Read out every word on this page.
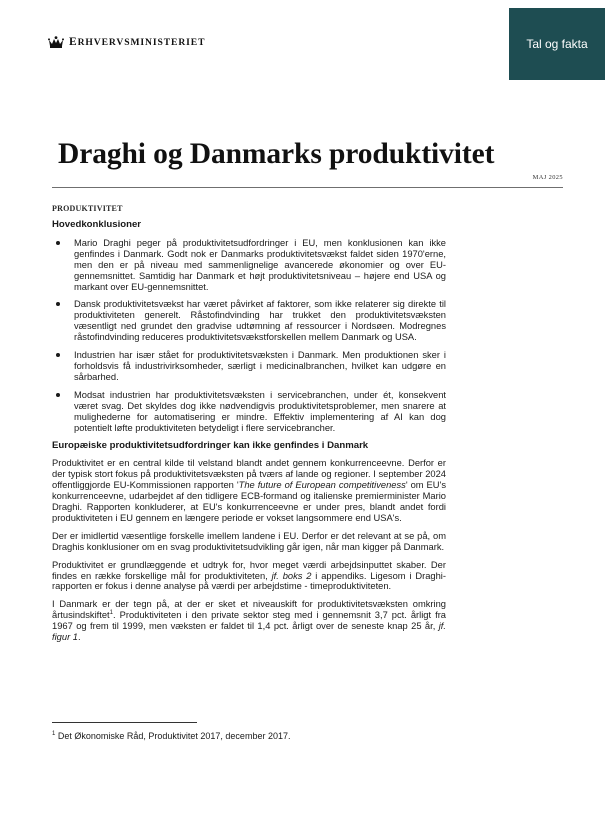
ERHVERVSMINISTERIET	Tal og fakta
Draghi og Danmarks produktivitet
MAJ 2025
PRODUKTIVITET
Hovedkonklusioner
Mario Draghi peger på produktivitetsudfordringer i EU, men konklusionen kan ikke genfindes i Danmark. Godt nok er Danmarks produktivitetsvækst faldet siden 1970'erne, men den er på niveau med sammenlignelige avancerede økonomier og over EU-gennemsnittet. Samtidig har Danmark et højt produktivitetsniveau – højere end USA og markant over EU-gennemsnittet.
Dansk produktivitetsvækst har været påvirket af faktorer, som ikke relaterer sig direkte til produktiviteten generelt. Råstofindvinding har trukket den produktivitetsvæksten væsentligt ned grundet den gradvise udtømning af ressourcer i Nordsøen. Modregnes råstofindvinding reduceres produktivitetsvækstforskellen mellem Danmark og USA.
Industrien har især stået for produktivitetsvæksten i Danmark. Men produktionen sker i forholdsvis få industrivirksomheder, særligt i medicinalbranchen, hvilket kan udgøre en sårbarhed.
Modsat industrien har produktivitetsvæksten i servicebranchen, under ét, konsekvent været svag. Det skyldes dog ikke nødvendigvis produktivitetsproblemer, men snarere at mulighederne for automatisering er mindre. Effektiv implementering af AI kan dog potentielt løfte produktiviteten betydeligt i flere servicebrancher.
Europæiske produktivitetsudfordringer kan ikke genfindes i Danmark

Produktivitet er en central kilde til velstand blandt andet gennem konkurrenceevne. Derfor er der typisk stort fokus på produktivitetsvæksten på tværs af lande og regioner. I september 2024 offentliggjorde EU-Kommissionen rapporten 'The future of European competitiveness' om EU's konkurrenceevne, udarbejdet af den tidligere ECB-formand og italienske premierminister Mario Draghi. Rapporten konkluderer, at EU's konkurrenceevne er under pres, blandt andet fordi produktiviteten i EU gennem en længere periode er vokset langsommere end USA's.

Der er imidlertid væsentlige forskelle imellem landene i EU. Derfor er det relevant at se på, om Draghis konklusioner om en svag produktivitetsudvikling går igen, når man kigger på Danmark.

Produktivitet er grundlæggende et udtryk for, hvor meget værdi arbejdsinputtet skaber. Der findes en række forskellige mål for produktiviteten, jf. boks 2 i appendiks. Ligesom i Draghi-rapporten er fokus i denne analyse på værdi per arbejdstime - timeproduktiviteten.

I Danmark er der tegn på, at der er sket et niveauskift for produktivitetsvæksten omkring årtusindskiftet$^1$. Produktiviteten i den private sektor steg med i gennemsnit 3,7 pct. årligt fra 1967 og frem til 1999, men væksten er faldet til 1,4 pct. årligt over de seneste knap 25 år, jf. figur 1.

$^1$ Det Økonomiske Råd, Produktivitet 2017, december 2017.
